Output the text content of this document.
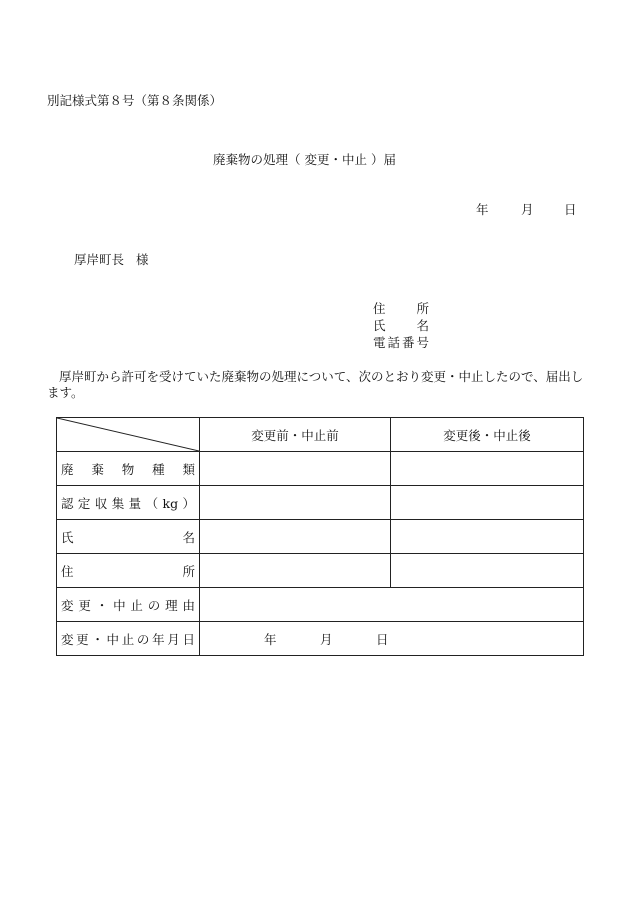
別記様式第８号（第８条関係）
廃棄物の処理（ 変更・中止 ）届
年	月 日
厚岸町長 様
住所
氏名
電話番号
厚岸町から許可を受けていた廃棄物の処理について、次のとおり変更・中止したので、届出します。
	変更前・中止前	変更後・中止後

廃棄物種類		

認定収集量（kg）		

氏名		

住所		

変更・中止の理由		

変更・中止の年月日	年 月 日	
